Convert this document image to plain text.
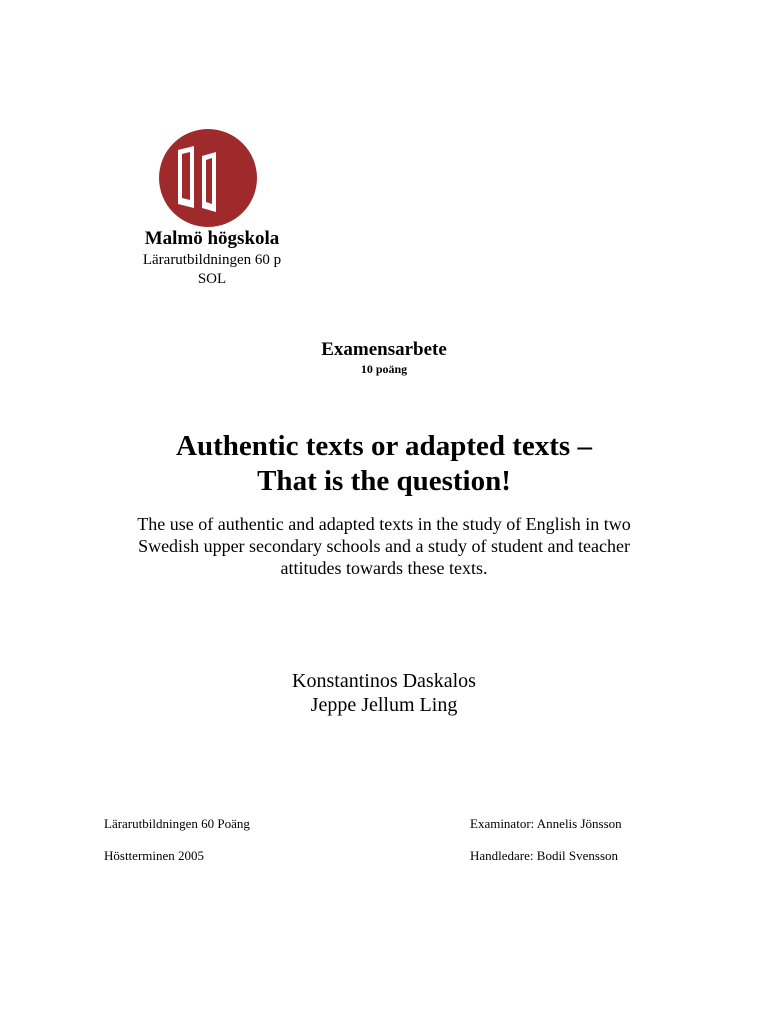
Malmö högskola
Lärarutbildningen 60 p
SOL
Examensarbete
10 poäng
Authentic texts or adapted texts –
That is the question!
The use of authentic and adapted texts in the study of English in two
Swedish upper secondary schools and a study of student and teacher
attitudes towards these texts.
Konstantinos Daskalos
Jeppe Jellum Ling
Lärarutbildningen 60 Poäng
Höstterminen 2005
Examinator: Annelis Jönsson
Handledare: Bodil Svensson
